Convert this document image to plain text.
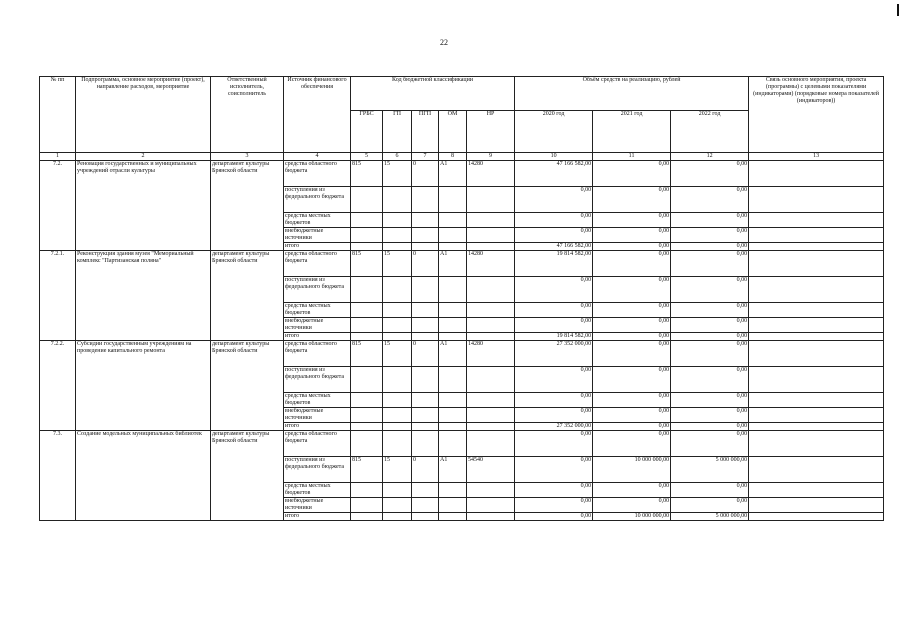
22
№ пп	Подпрограмма, основное мероприятие (проект), направление расходов, мероприятие	Ответственный исполнитель, соисполнитель	Источник финансового обеспечения	Код бюджетной классификации					Объём средств на реализацию, рублей			Связь основного мероприятия, проекта (программы) с целевыми показателями (индикаторами) (порядковые номера показателей (индикаторов))
				ГРБС	ГП	ПГП	ОМ	НР	2020 год	2021 год	2022 год	
1	2	3	4	5	6	7	8	9	10	11	12	13
7.2.	Реновация государственных и муниципальных учреждений отрасли культуры	департамент культуры Брянской области	средства областного бюджета	815	15	0	А1	14280	47 166 582,00	0,00	0,00	
			поступления из федерального бюджета						0,00	0,00	0,00	
			средства местных бюджетов						0,00	0,00	0,00	
			внебюджетные источники						0,00	0,00	0,00	
			итого						47 166 582,00	0,00	0,00	
7.2.1.	Реконструкция здания музея "Мемориальный комплекс "Партизанская поляна"	департамент культуры Брянской области	средства областного бюджета	815	15	0	А1	14280	19 814 582,00	0,00	0,00	
			поступления из федерального бюджета						0,00	0,00	0,00	
			средства местных бюджетов						0,00	0,00	0,00	
			внебюджетные источники						0,00	0,00	0,00	
			итого						19 814 582,00	0,00	0,00	
7.2.2.	Субсидии государственным учреждениям на проведение капитального ремонта	департамент культуры Брянской области	средства областного бюджета	815	15	0	А1	14280	27 352 000,00	0,00	0,00	
			поступления из федерального бюджета						0,00	0,00	0,00	
			средства местных бюджетов						0,00	0,00	0,00	
			внебюджетные источники						0,00	0,00	0,00	
			итого						27 352 000,00	0,00	0,00	
7.3.	Создание модельных муниципальных библиотек	департамент культуры Брянской области	средства областного бюджета						0,00	0,00	0,00	
			поступления из федерального бюджета	815	15	0	А1	54540	0,00	10 000 000,00	5 000 000,00	
			средства местных бюджетов						0,00	0,00	0,00	
			внебюджетные источники						0,00	0,00	0,00	
			итого						0,00	10 000 000,00	5 000 000,00	
